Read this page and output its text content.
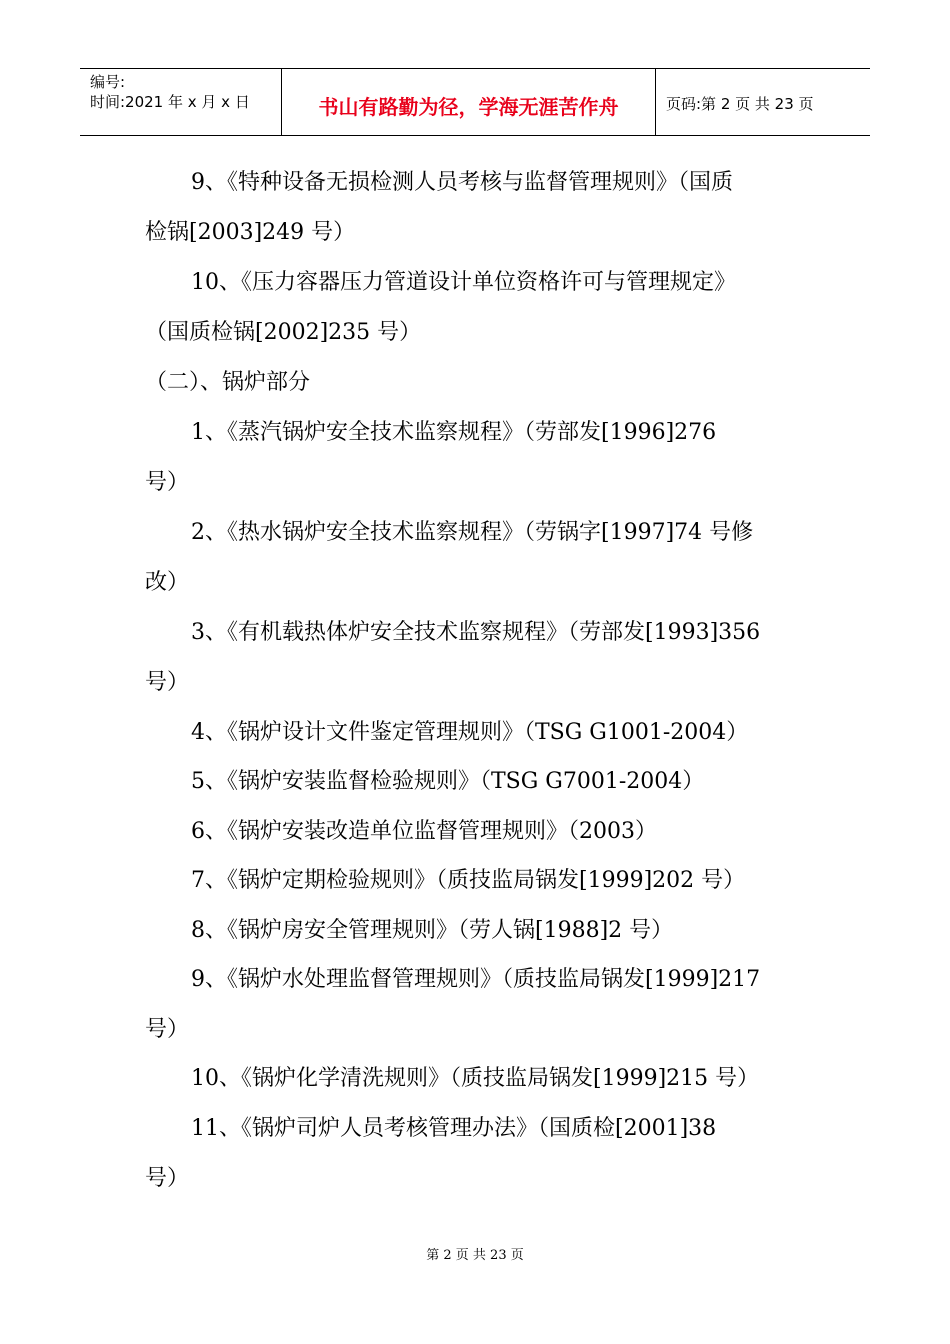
编号:
时间:2021 年 x 月 x 日	书山有路勤为径，学海无涯苦作舟	页码:第 2 页 共 23 页
9、《特种设备无损检测人员考核与监督管理规则》（国质
检锅[2003]249 号）
10、《压力容器压力管道设计单位资格许可与管理规定》
（国质检锅[2002]235 号）
（二）、锅炉部分
1、《蒸汽锅炉安全技术监察规程》（劳部发[1996]276
号）
2、《热水锅炉安全技术监察规程》（劳锅字[1997]74 号修
改）
3、《有机载热体炉安全技术监察规程》（劳部发[1993]356
号）
4、《锅炉设计文件鉴定管理规则》（TSG G1001-2004）
5、《锅炉安装监督检验规则》（TSG G7001-2004）
6、《锅炉安装改造单位监督管理规则》（2003）
7、《锅炉定期检验规则》（质技监局锅发[1999]202 号）
8、《锅炉房安全管理规则》（劳人锅[1988]2 号）
9、《锅炉水处理监督管理规则》（质技监局锅发[1999]217
号）
10、《锅炉化学清洗规则》（质技监局锅发[1999]215 号）
11、《锅炉司炉人员考核管理办法》（国质检[2001]38
号）
第 2 页 共 23 页
